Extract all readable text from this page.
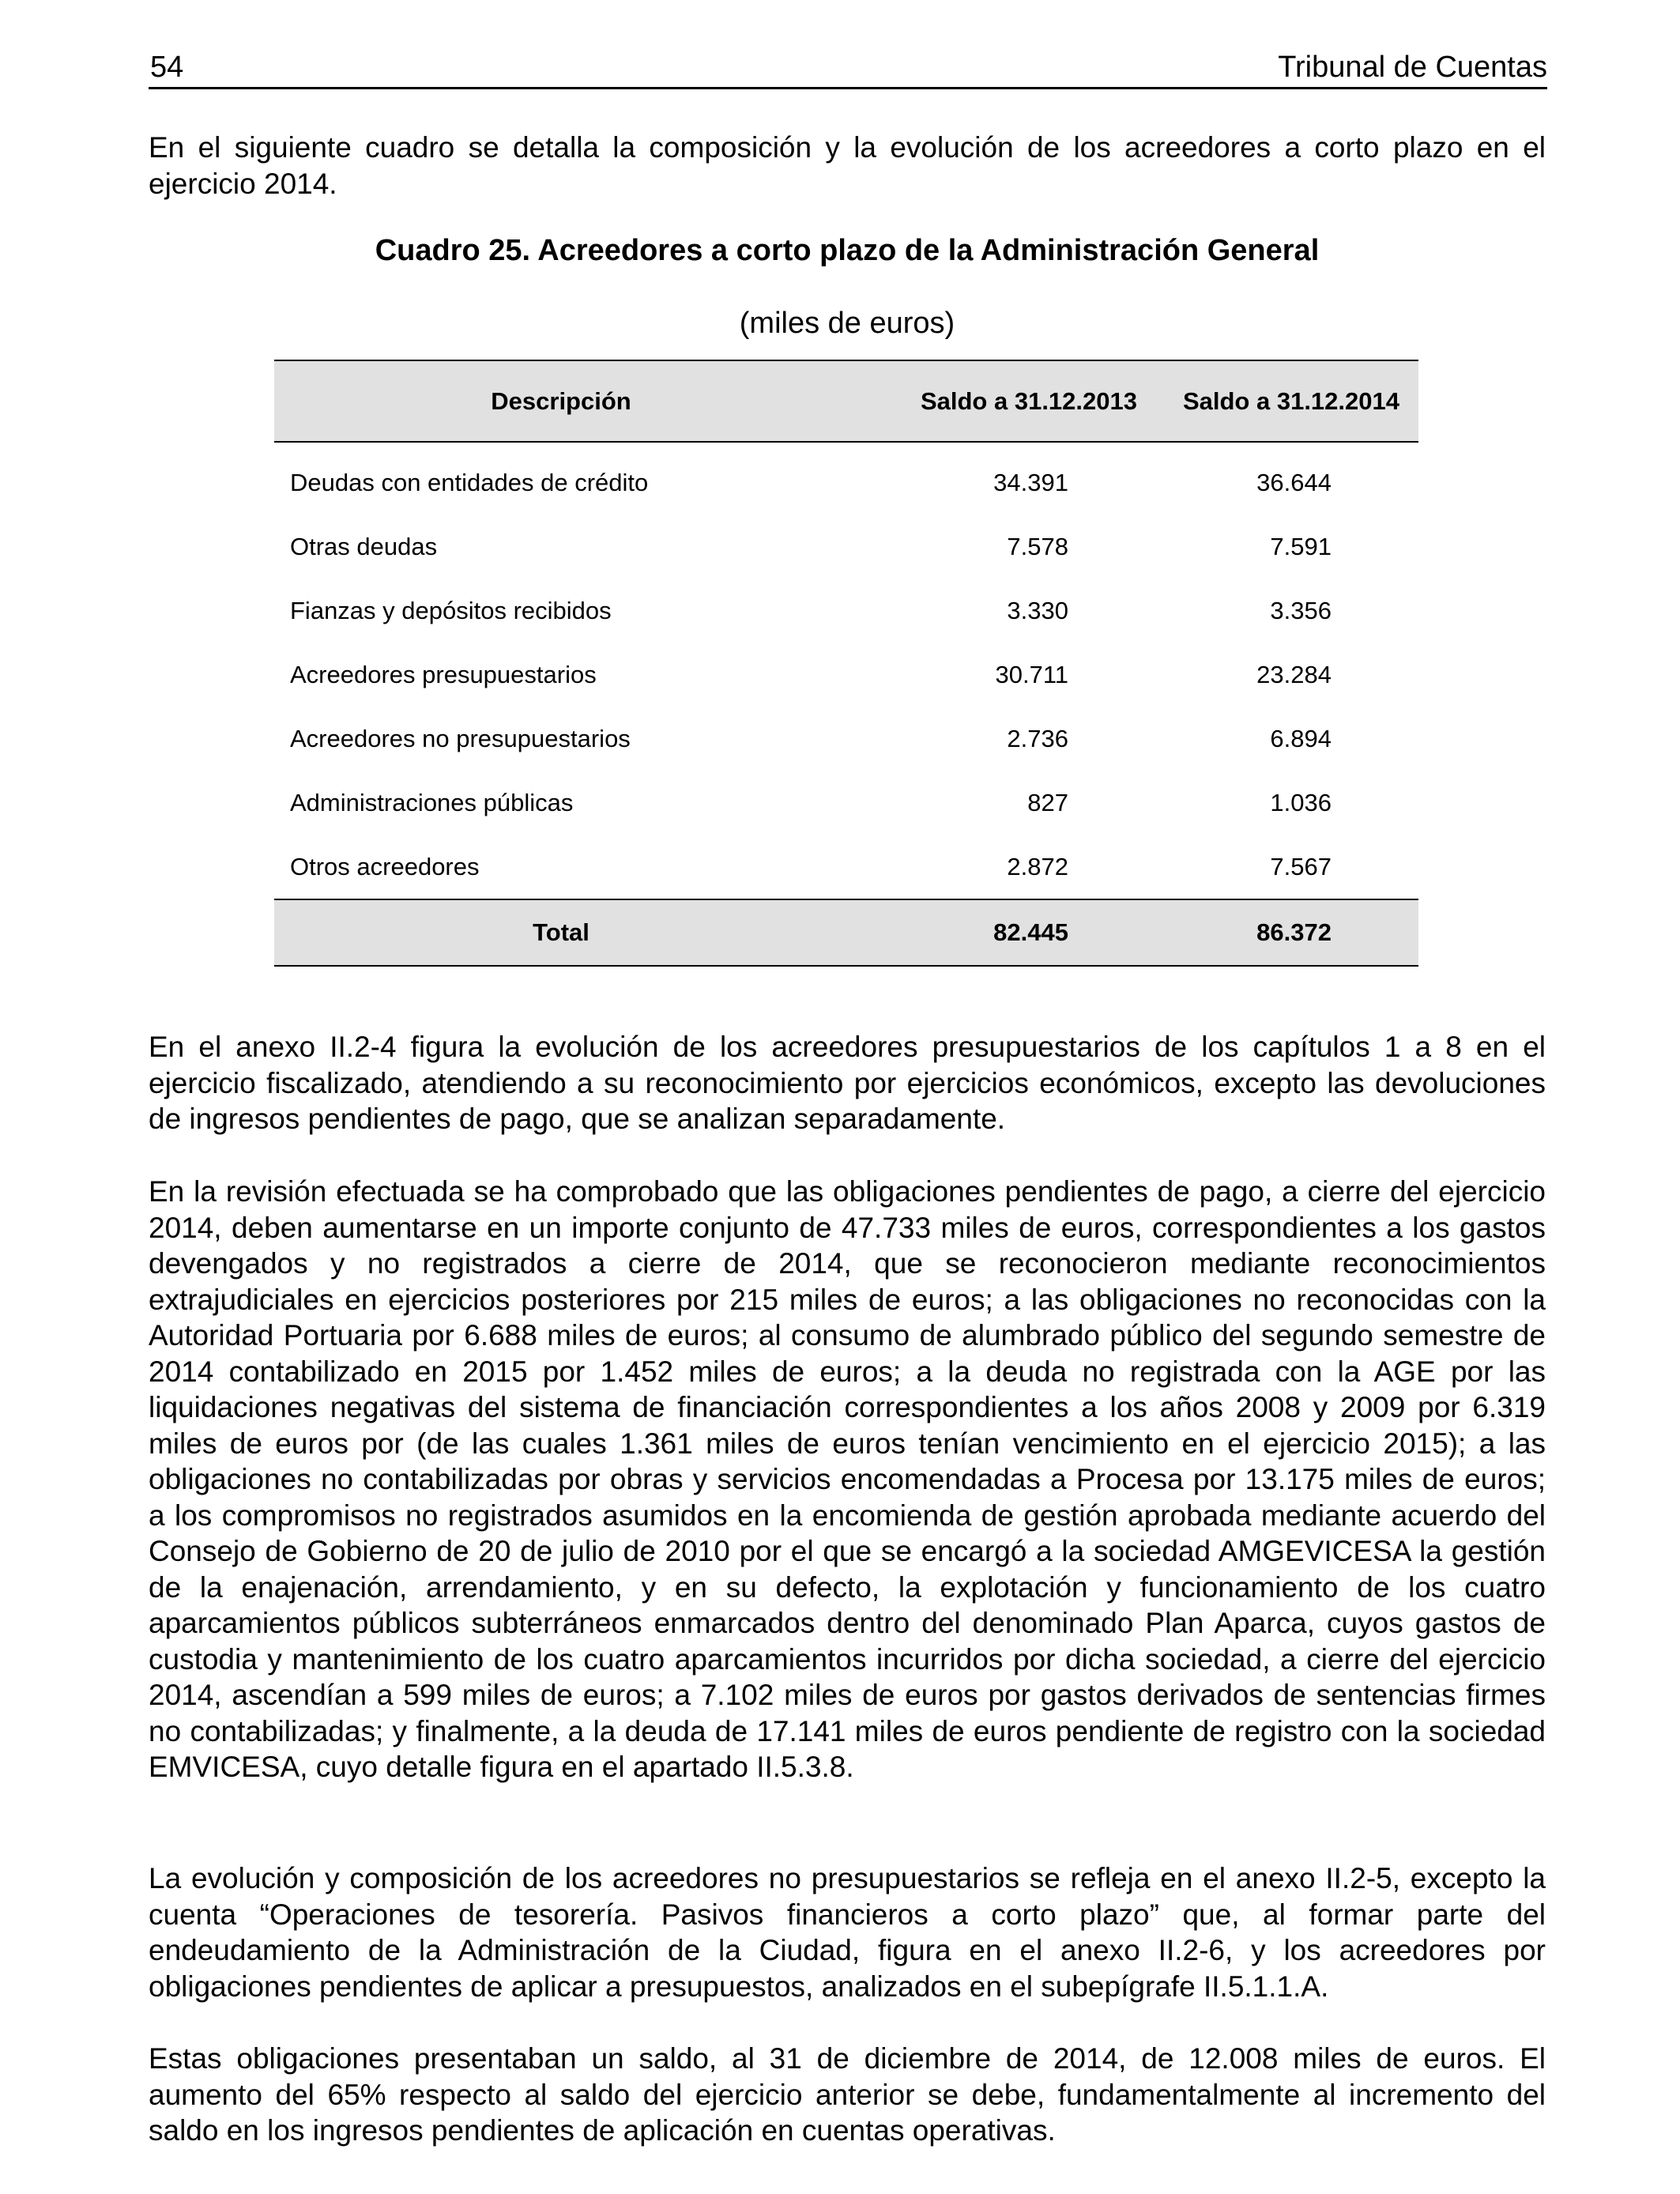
54	Tribunal de Cuentas

En el siguiente cuadro se detalla la composición y la evolución de los acreedores a corto plazo en el ejercicio 2014.

Cuadro 25. Acreedores a corto plazo de la Administración General
(miles de euros)
Descripción	Saldo a 31.12.2013	Saldo a 31.12.2014
Deudas con entidades de crédito	34.391	36.644
Otras deudas	7.578	7.591
Fianzas y depósitos recibidos	3.330	3.356
Acreedores presupuestarios	30.711	23.284
Acreedores no presupuestarios	2.736	6.894
Administraciones públicas	827	1.036
Otros acreedores	2.872	7.567
Total	82.445	86.372

En el anexo II.2-4 figura la evolución de los acreedores presupuestarios de los capítulos 1 a 8 en el ejercicio fiscalizado, atendiendo a su reconocimiento por ejercicios económicos, excepto las devoluciones de ingresos pendientes de pago, que se analizan separadamente.

En la revisión efectuada se ha comprobado que las obligaciones pendientes de pago, a cierre del ejercicio 2014, deben aumentarse en un importe conjunto de 47.733 miles de euros, correspondientes a los gastos devengados y no registrados a cierre de 2014, que se reconocieron mediante reconocimientos extrajudiciales en ejercicios posteriores por 215 miles de euros; a las obligaciones no reconocidas con la Autoridad Portuaria por 6.688 miles de euros; al consumo de alumbrado público del segundo semestre de 2014 contabilizado en 2015 por 1.452 miles de euros; a la deuda no registrada con la AGE por las liquidaciones negativas del sistema de financiación correspondientes a los años 2008 y 2009 por 6.319 miles de euros por (de las cuales 1.361 miles de euros tenían vencimiento en el ejercicio 2015); a las obligaciones no contabilizadas por obras y servicios encomendadas a Procesa por 13.175 miles de euros; a los compromisos no registrados asumidos en la encomienda de gestión aprobada mediante acuerdo del Consejo de Gobierno de 20 de julio de 2010 por el que se encargó a la sociedad AMGEVICESA la gestión de la enajenación, arrendamiento, y en su defecto, la explotación y funcionamiento de los cuatro aparcamientos públicos subterráneos enmarcados dentro del denominado Plan Aparca, cuyos gastos de custodia y mantenimiento de los cuatro aparcamientos incurridos por dicha sociedad, a cierre del ejercicio 2014, ascendían a 599 miles de euros; a 7.102 miles de euros por gastos derivados de sentencias firmes no contabilizadas; y finalmente, a la deuda de 17.141 miles de euros pendiente de registro con la sociedad EMVICESA, cuyo detalle figura en el apartado II.5.3.8.

La evolución y composición de los acreedores no presupuestarios se refleja en el anexo II.2-5, excepto la cuenta “Operaciones de tesorería. Pasivos financieros a corto plazo” que, al formar parte del endeudamiento de la Administración de la Ciudad, figura en el anexo II.2-6, y los acreedores por obligaciones pendientes de aplicar a presupuestos, analizados en el subepígrafe II.5.1.1.A.

Estas obligaciones presentaban un saldo, al 31 de diciembre de 2014, de 12.008 miles de euros. El aumento del 65% respecto al saldo del ejercicio anterior se debe, fundamentalmente al incremento del saldo en los ingresos pendientes de aplicación en cuentas operativas.
